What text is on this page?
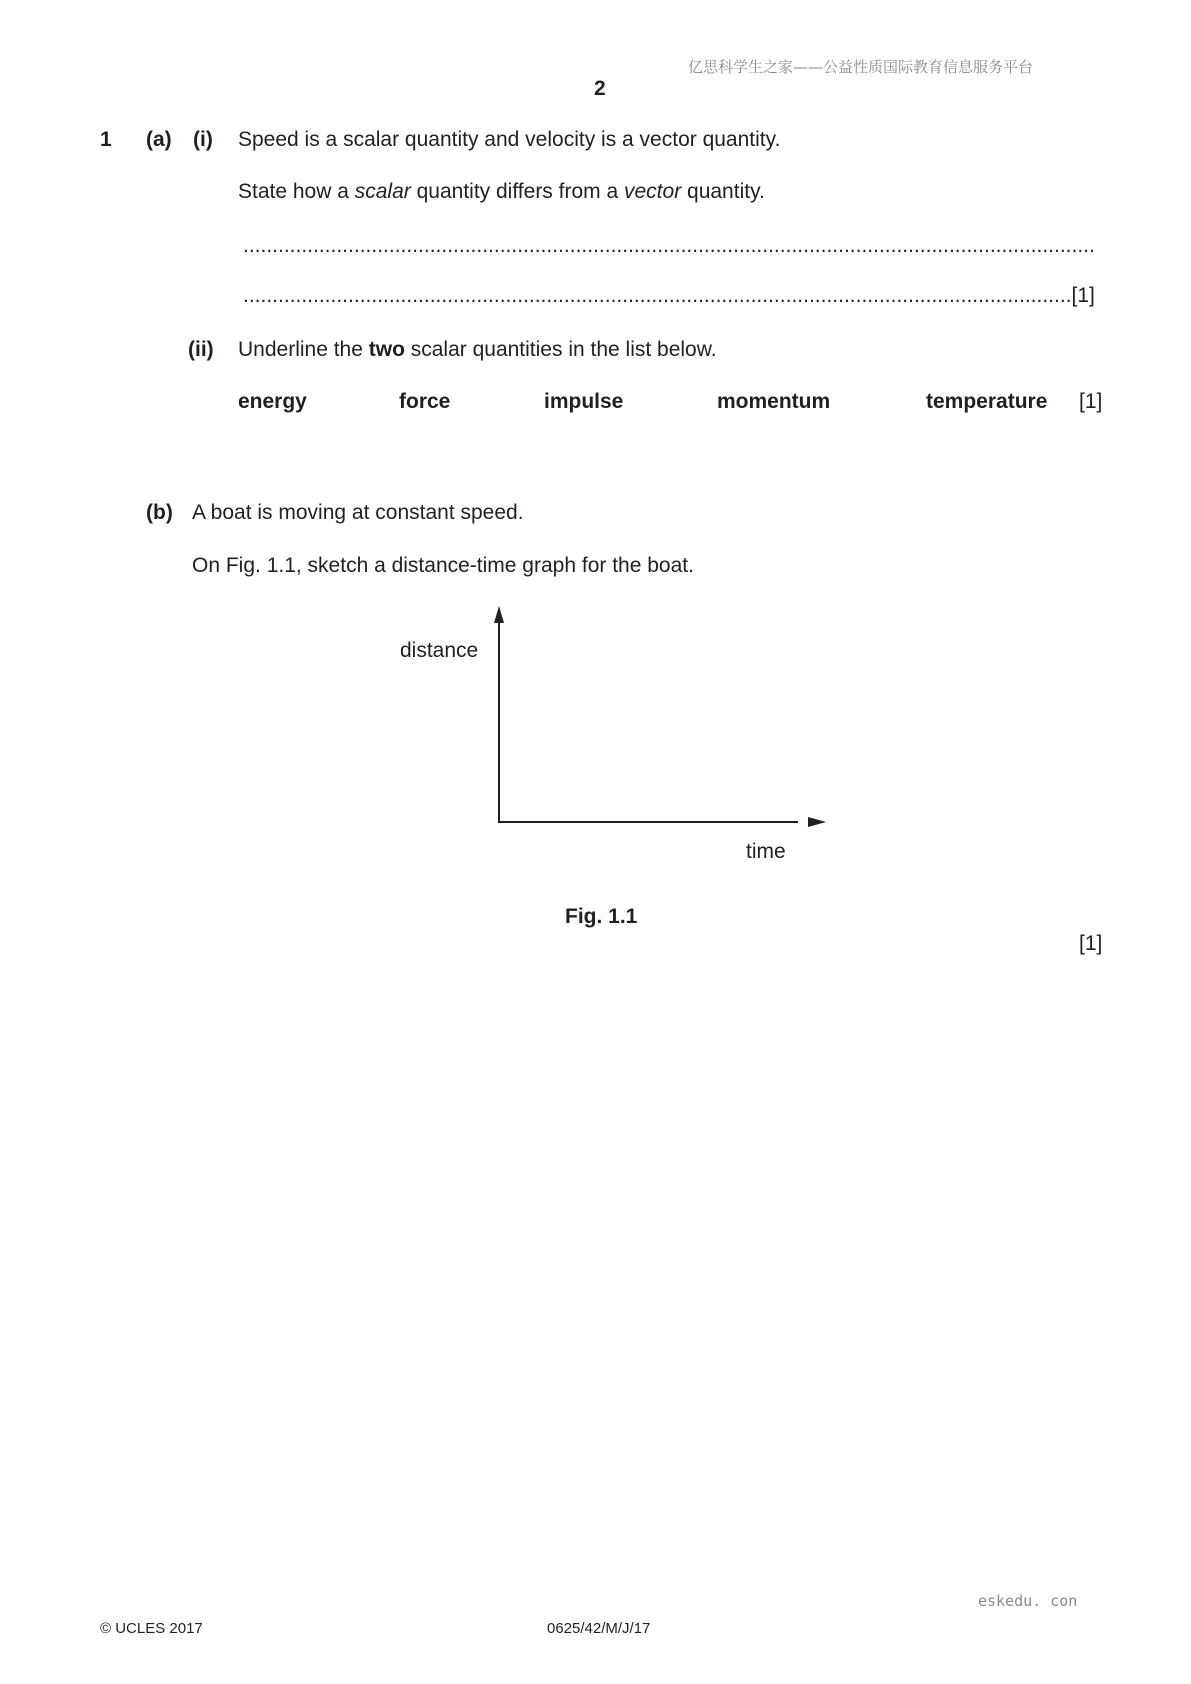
亿思科学生之家——公益性质国际教育信息服务平台
2
1 (a) (i) Speed is a scalar quantity and velocity is a vector quantity.
State how a scalar quantity differs from a vector quantity.
..................................................................................................................................................
..............................................................................................................................................[1]
(ii) Underline the two scalar quantities in the list below.
energy	force	impulse	momentum	temperature [1]
(b) A boat is moving at constant speed.
On Fig. 1.1, sketch a distance-time graph for the boat.
distance
time
Fig. 1.1
[1]
eskedu. con
© UCLES 2017	0625/42/M/J/17
